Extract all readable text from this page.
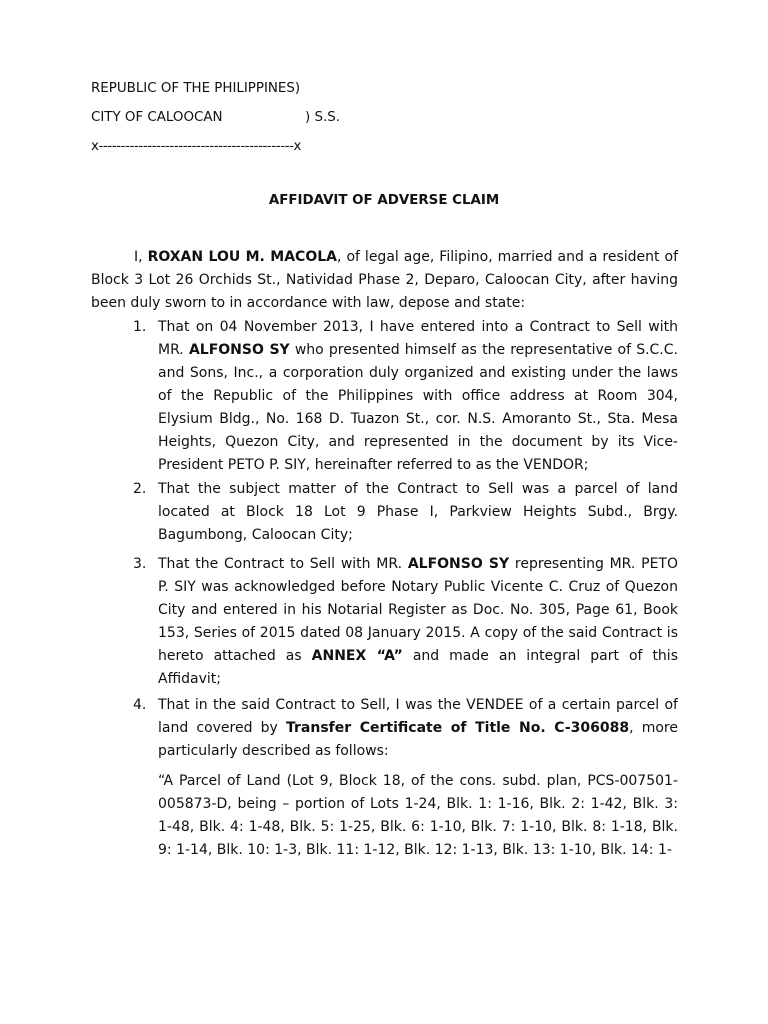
REPUBLIC OF THE PHILIPPINES)
CITY OF CALOOCAN	) S.S.
x--------------------------------------------x
AFFIDAVIT OF ADVERSE CLAIM
I, ROXAN LOU M. MACOLA, of legal age, Filipino, married and a resident of Block 3 Lot 26 Orchids St., Natividad Phase 2, Deparo, Caloocan City, after having been duly sworn to in accordance with law, depose and state:
1. That on 04 November 2013, I have entered into a Contract to Sell with MR. ALFONSO SY who presented himself as the representative of S.C.C. and Sons, Inc., a corporation duly organized and existing under the laws of the Republic of the Philippines with office address at Room 304, Elysium Bldg., No. 168 D. Tuazon St., cor. N.S. Amoranto St., Sta. Mesa Heights, Quezon City, and represented in the document by its Vice-President PETO P. SIY, hereinafter referred to as the VENDOR;
2. That the subject matter of the Contract to Sell was a parcel of land located at Block 18 Lot 9 Phase I, Parkview Heights Subd., Brgy. Bagumbong, Caloocan City;
3. That the Contract to Sell with MR. ALFONSO SY representing MR. PETO P. SIY was acknowledged before Notary Public Vicente C. Cruz of Quezon City and entered in his Notarial Register as Doc. No. 305, Page 61, Book 153, Series of 2015 dated 08 January 2015. A copy of the said Contract is hereto attached as ANNEX “A” and made an integral part of this Affidavit;
4. That in the said Contract to Sell, I was the VENDEE of a certain parcel of land covered by Transfer Certificate of Title No. C-306088, more particularly described as follows:
“A Parcel of Land (Lot 9, Block 18, of the cons. subd. plan, PCS-007501-005873-D, being – portion of Lots 1-24, Blk. 1: 1-16, Blk. 2: 1-42, Blk. 3: 1-48, Blk. 4: 1-48, Blk. 5: 1-25, Blk. 6: 1-10, Blk. 7: 1-10, Blk. 8: 1-18, Blk. 9: 1-14, Blk. 10: 1-3, Blk. 11: 1-12, Blk. 12: 1-13, Blk. 13: 1-10, Blk. 14: 1-
